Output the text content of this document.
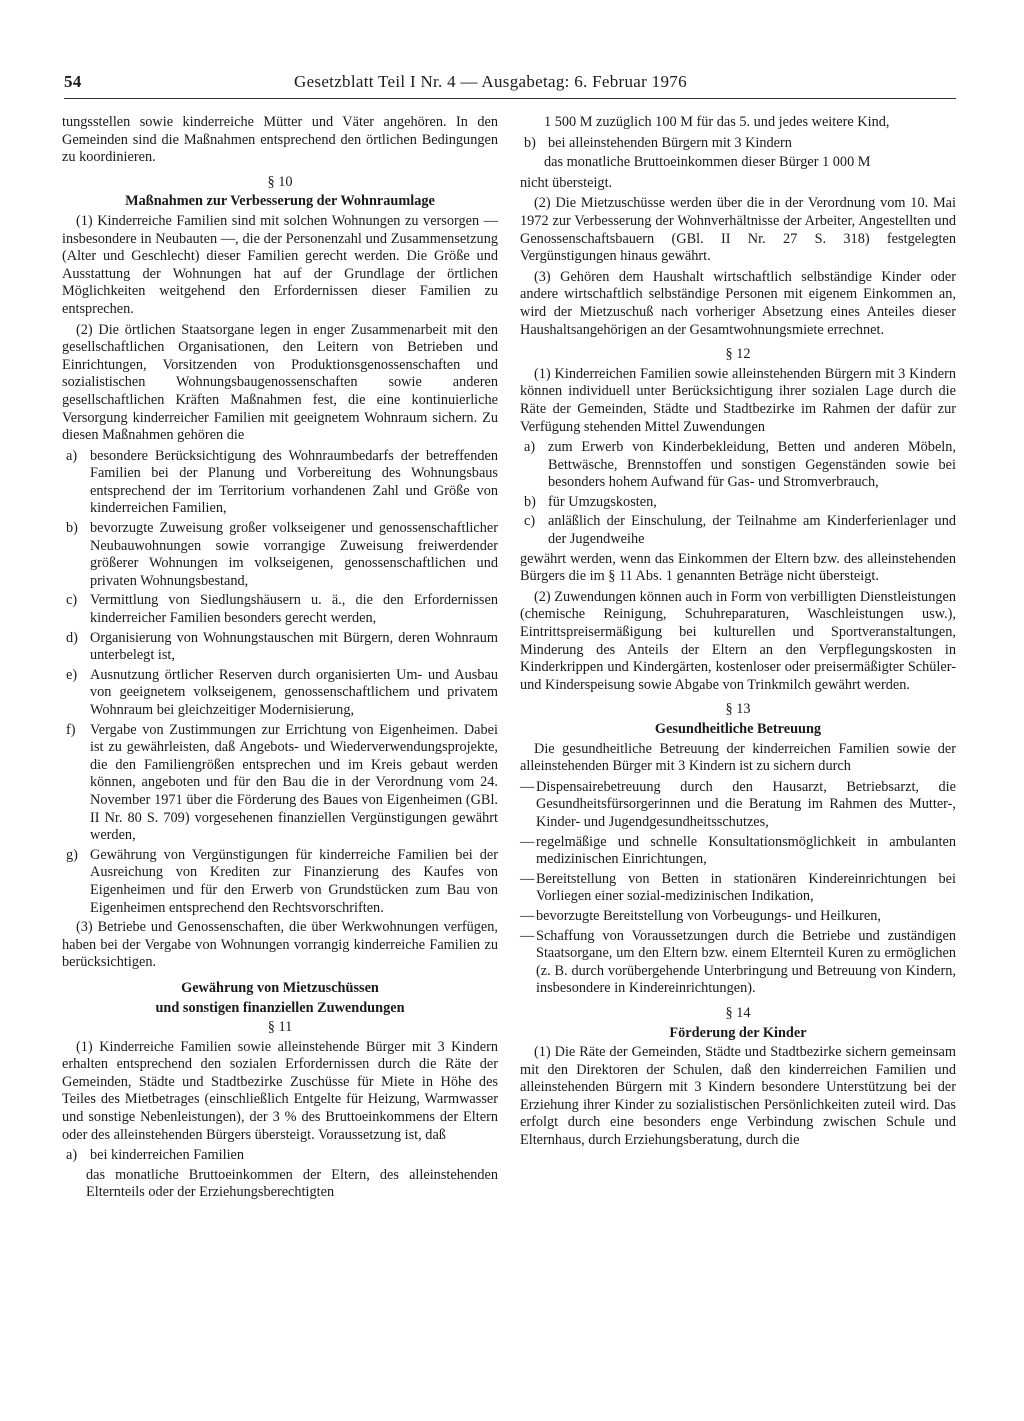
54	Gesetzblatt Teil I Nr. 4 — Ausgabetag: 6. Februar 1976

tungsstellen sowie kinderreiche Mütter und Väter angehören. In den Gemeinden sind die Maßnahmen entsprechend den örtlichen Bedingungen zu koordinieren.

§ 10
Maßnahmen zur Verbesserung der Wohnraumlage

(1) Kinderreiche Familien sind mit solchen Wohnungen zu versorgen — insbesondere in Neubauten —, die der Personenzahl und Zusammensetzung (Alter und Geschlecht) dieser Familien gerecht werden. Die Größe und Ausstattung der Wohnungen hat auf der Grundlage der örtlichen Möglichkeiten weitgehend den Erfordernissen dieser Familien zu entsprechen.

(2) Die örtlichen Staatsorgane legen in enger Zusammenarbeit mit den gesellschaftlichen Organisationen, den Leitern von Betrieben und Einrichtungen, Vorsitzenden von Produktionsgenossenschaften und sozialistischen Wohnungsbaugenossenschaften sowie anderen gesellschaftlichen Kräften Maßnahmen fest, die eine kontinuierliche Versorgung kinderreicher Familien mit geeignetem Wohnraum sichern. Zu diesen Maßnahmen gehören die

a) besondere Berücksichtigung des Wohnraumbedarfs der betreffenden Familien bei der Planung und Vorbereitung des Wohnungsbaus entsprechend der im Territorium vorhandenen Zahl und Größe von kinderreichen Familien,
b) bevorzugte Zuweisung großer volkseigener und genossenschaftlicher Neubauwohnungen sowie vorrangige Zuweisung freiwerdender größerer Wohnungen im volkseigenen, genossenschaftlichen und privaten Wohnungsbestand,
c) Vermittlung von Siedlungshäusern u. ä., die den Erfordernissen kinderreicher Familien besonders gerecht werden,
d) Organisierung von Wohnungstauschen mit Bürgern, deren Wohnraum unterbelegt ist,
e) Ausnutzung örtlicher Reserven durch organisierten Um- und Ausbau von geeignetem volkseigenem, genossenschaftlichem und privatem Wohnraum bei gleichzeitiger Modernisierung,
f)	Vergabe von Zustimmungen zur Errichtung von Eigenheimen. Dabei ist zu gewährleisten, daß Angebots- und Wiederverwendungsprojekte, die den Familiengrößen entsprechen und im Kreis gebaut werden können, angeboten und für den Bau die in der Verordnung vom 24. November 1971 über die Förderung des Baues von Eigenheimen (GBl. II Nr. 80 S. 709) vorgesehenen finanziellen Vergünstigungen gewährt werden,
g) Gewährung von Vergünstigungen für kinderreiche Familien bei der Ausreichung von Krediten zur Finanzierung des Kaufes von Eigenheimen und für den Erwerb von Grundstücken zum Bau von Eigenheimen entsprechend den Rechtsvorschriften.

(3) Betriebe und Genossenschaften, die über Werkwohnungen verfügen, haben bei der Vergabe von Wohnungen vorrangig kinderreiche Familien zu berücksichtigen.

Gewährung von Mietzuschüssen
und sonstigen finanziellen Zuwendungen
§ 11

(1) Kinderreiche Familien sowie alleinstehende Bürger mit 3 Kindern erhalten entsprechend den sozialen Erfordernissen durch die Räte der Gemeinden, Städte und Stadtbezirke Zuschüsse für Miete in Höhe des Teiles des Mietbetrages (einschließlich Entgelte für Heizung, Warmwasser und sonstige Nebenleistungen), der 3 % des Bruttoeinkommens der Eltern oder des alleinstehenden Bürgers übersteigt. Voraussetzung ist, daß

a) bei kinderreichen Familien

das monatliche Bruttoeinkommen der Eltern, des alleinstehenden Elternteils oder der Erziehungsberechtigten

1 500 M zuzüglich 100 M für das 5. und jedes weitere Kind,

b) bei alleinstehenden Bürgern mit 3 Kindern

das monatliche Bruttoeinkommen dieser Bürger 1 000 M

nicht übersteigt.

(2) Die Mietzuschüsse werden über die in der Verordnung vom 10. Mai 1972 zur Verbesserung der Wohnverhältnisse der Arbeiter, Angestellten und Genossenschaftsbauern (GBl. II Nr. 27 S. 318) festgelegten Vergünstigungen hinaus gewährt.

(3) Gehören dem Haushalt wirtschaftlich selbständige Kinder oder andere wirtschaftlich selbständige Personen mit eigenem Einkommen an, wird der Mietzuschuß nach vorheriger Absetzung eines Anteiles dieser Haushaltsangehörigen an der Gesamtwohnungsmiete errechnet.

§ 12

(1) Kinderreichen Familien sowie alleinstehenden Bürgern mit 3 Kindern können individuell unter Berücksichtigung ihrer sozialen Lage durch die Räte der Gemeinden, Städte und Stadtbezirke im Rahmen der dafür zur Verfügung stehenden Mittel Zuwendungen

a) zum Erwerb von Kinderbekleidung, Betten und anderen Möbeln, Bettwäsche, Brennstoffen und sonstigen Gegenständen sowie bei besonders hohem Aufwand für Gas- und Stromverbrauch,
b) für Umzugskosten,
c) anläßlich der Einschulung, der Teilnahme am Kinderferienlager und der Jugendweihe

gewährt werden, wenn das Einkommen der Eltern bzw. des alleinstehenden Bürgers die im § 11 Abs. 1 genannten Beträge nicht übersteigt.

(2) Zuwendungen können auch in Form von verbilligten Dienstleistungen (chemische Reinigung, Schuhreparaturen, Waschleistungen usw.), Eintrittspreisermäßigung bei kulturellen und Sportveranstaltungen, Minderung des Anteils der Eltern an den Verpflegungskosten in Kinderkrippen und Kindergärten, kostenloser oder preisermäßigter Schüler- und Kinderspeisung sowie Abgabe von Trinkmilch gewährt werden.

§ 13
Gesundheitliche Betreuung

Die gesundheitliche Betreuung der kinderreichen Familien sowie der alleinstehenden Bürger mit 3 Kindern ist zu sichern durch

— Dispensairebetreuung durch den Hausarzt, Betriebsarzt, die Gesundheitsfürsorgerinnen und die Beratung im Rahmen des Mutter-, Kinder- und Jugendgesundheitsschutzes,
— regelmäßige und schnelle Konsultationsmöglichkeit in ambulanten medizinischen Einrichtungen,
— Bereitstellung von Betten in stationären Kindereinrichtungen bei Vorliegen einer sozial-medizinischen Indikation,
— bevorzugte Bereitstellung von Vorbeugungs- und Heilkuren,
— Schaffung von Voraussetzungen durch die Betriebe und zuständigen Staatsorgane, um den Eltern bzw. einem Elternteil Kuren zu ermöglichen (z. B. durch vorübergehende Unterbringung und Betreuung von Kindern, insbesondere in Kindereinrichtungen).
§ 14
Förderung der Kinder

(1) Die Räte der Gemeinden, Städte und Stadtbezirke sichern gemeinsam mit den Direktoren der Schulen, daß den kinderreichen Familien und alleinstehenden Bürgern mit 3 Kindern besondere Unterstützung bei der Erziehung ihrer Kinder zu sozialistischen Persönlichkeiten zuteil wird. Das erfolgt durch eine besonders enge Verbindung zwischen Schule und Elternhaus, durch Erziehungsberatung, durch die
